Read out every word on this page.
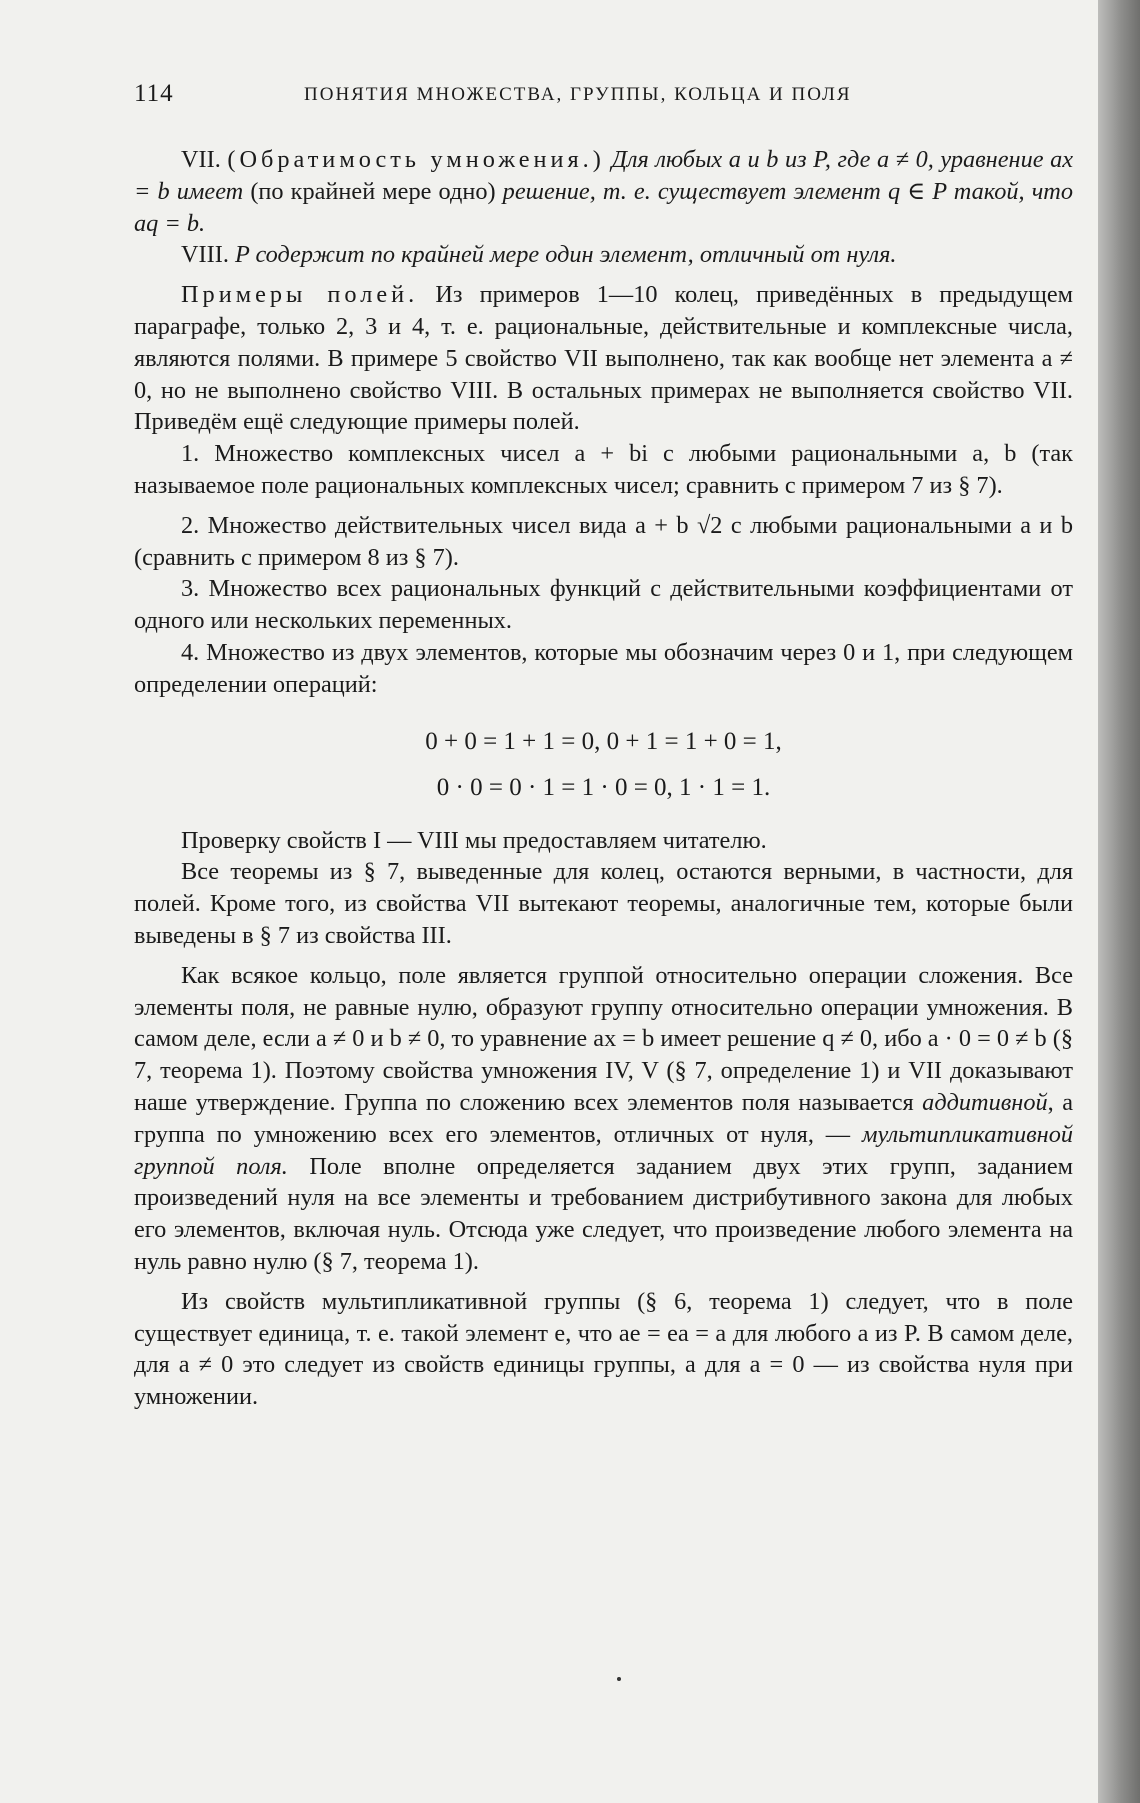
114	ПОНЯТИЯ МНОЖЕСТВА, ГРУППЫ, КОЛЬЦА И ПОЛЯ

VII. (Обратимость умножения.) Для любых a и b из P, где a ≠ 0, уравнение ax = b имеет (по крайней мере одно) решение, т. е. существует элемент q ∈ P такой, что aq = b.

VIII. P содержит по крайней мере один элемент, отличный от нуля.

Примеры полей. Из примеров 1—10 колец, приведённых в предыдущем параграфе, только 2, 3 и 4, т. е. рациональные, действительные и комплексные числа, являются полями. В примере 5 свойство VII выполнено, так как вообще нет элемента a ≠ 0, но не выполнено свойство VIII. В остальных примерах не выполняется свойство VII. Приведём ещё следующие примеры полей.

1. Множество комплексных чисел a + bi с любыми рациональными a, b (так называемое поле рациональных комплексных чисел; сравнить с примером 7 из § 7).

2. Множество действительных чисел вида a + b √2 с любыми рациональными a и b (сравнить с примером 8 из § 7).

3. Множество всех рациональных функций с действительными коэффициентами от одного или нескольких переменных.

4. Множество из двух элементов, которые мы обозначим через 0 и 1, при следующем определении операций:

0 + 0 = 1 + 1 = 0, 0 + 1 = 1 + 0 = 1,
0 · 0 = 0 · 1 = 1 · 0 = 0, 1 · 1 = 1.

Проверку свойств I — VIII мы предоставляем читателю.

Все теоремы из § 7, выведенные для колец, остаются верными, в частности, для полей. Кроме того, из свойства VII вытекают теоремы, аналогичные тем, которые были выведены в § 7 из свойства III.

Как всякое кольцо, поле является группой относительно операции сложения. Все элементы поля, не равные нулю, образуют группу относительно операции умножения. В самом деле, если a ≠ 0 и b ≠ 0, то уравнение ax = b имеет решение q ≠ 0, ибо a · 0 = 0 ≠ b (§ 7, теорема 1). Поэтому свойства умножения IV, V (§ 7, определение 1) и VII доказывают наше утверждение. Группа по сложению всех элементов поля называется аддитивной, а группа по умножению всех его элементов, отличных от нуля, — мультипликативной группой поля. Поле вполне определяется заданием двух этих групп, заданием произведений нуля на все элементы и требованием дистрибутивного закона для любых его элементов, включая нуль. Отсюда уже следует, что произведение любого элемента на нуль равно нулю (§ 7, теорема 1).

Из свойств мультипликативной группы (§ 6, теорема 1) следует, что в поле существует единица, т. е. такой элемент e, что ae = ea = a для любого a из P. В самом деле, для a ≠ 0 это следует из свойств единицы группы, а для a = 0 — из свойства нуля при умножении.
